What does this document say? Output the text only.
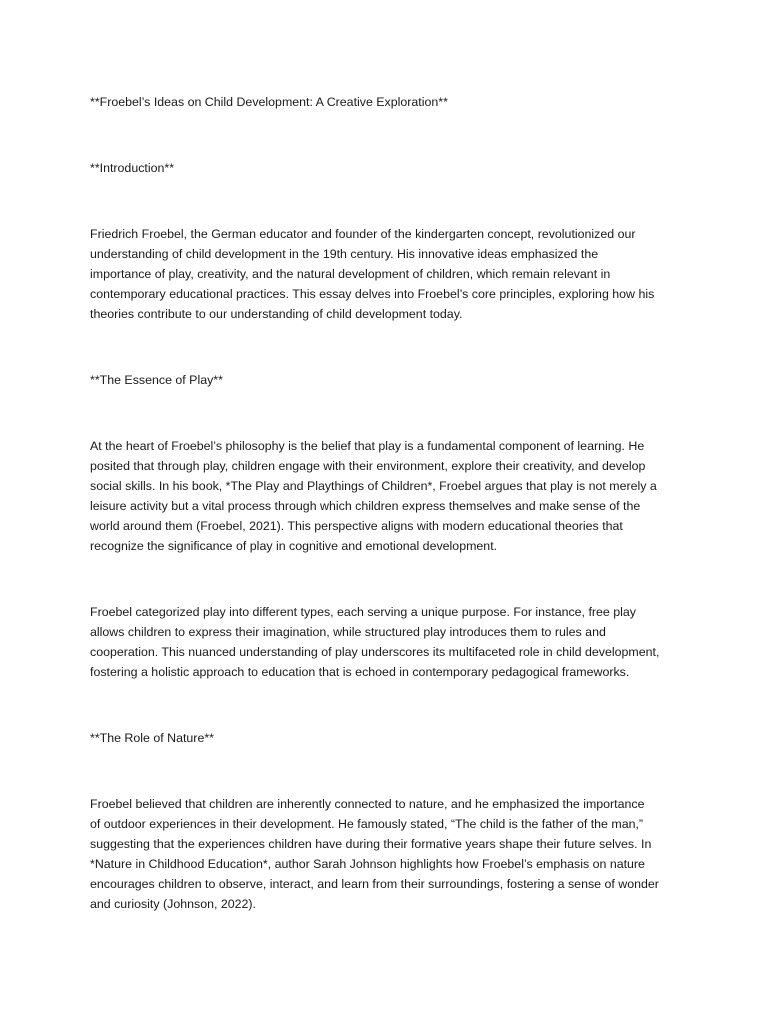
**Froebel’s Ideas on Child Development: A Creative Exploration**

**Introduction**

Friedrich Froebel, the German educator and founder of the kindergarten concept, revolutionized our

understanding of child development in the 19th century. His innovative ideas emphasized the

importance of play, creativity, and the natural development of children, which remain relevant in

contemporary educational practices. This essay delves into Froebel’s core principles, exploring how his

theories contribute to our understanding of child development today.

**The Essence of Play**

At the heart of Froebel’s philosophy is the belief that play is a fundamental component of learning. He

posited that through play, children engage with their environment, explore their creativity, and develop

social skills. In his book, *The Play and Playthings of Children*, Froebel argues that play is not merely a

leisure activity but a vital process through which children express themselves and make sense of the

world around them (Froebel, 2021). This perspective aligns with modern educational theories that

recognize the significance of play in cognitive and emotional development.

Froebel categorized play into different types, each serving a unique purpose. For instance, free play

allows children to express their imagination, while structured play introduces them to rules and

cooperation. This nuanced understanding of play underscores its multifaceted role in child development,

fostering a holistic approach to education that is echoed in contemporary pedagogical frameworks.

**The Role of Nature**

Froebel believed that children are inherently connected to nature, and he emphasized the importance

of outdoor experiences in their development. He famously stated, “The child is the father of the man,”

suggesting that the experiences children have during their formative years shape their future selves. In

*Nature in Childhood Education*, author Sarah Johnson highlights how Froebel’s emphasis on nature

encourages children to observe, interact, and learn from their surroundings, fostering a sense of wonder

and curiosity (Johnson, 2022).
